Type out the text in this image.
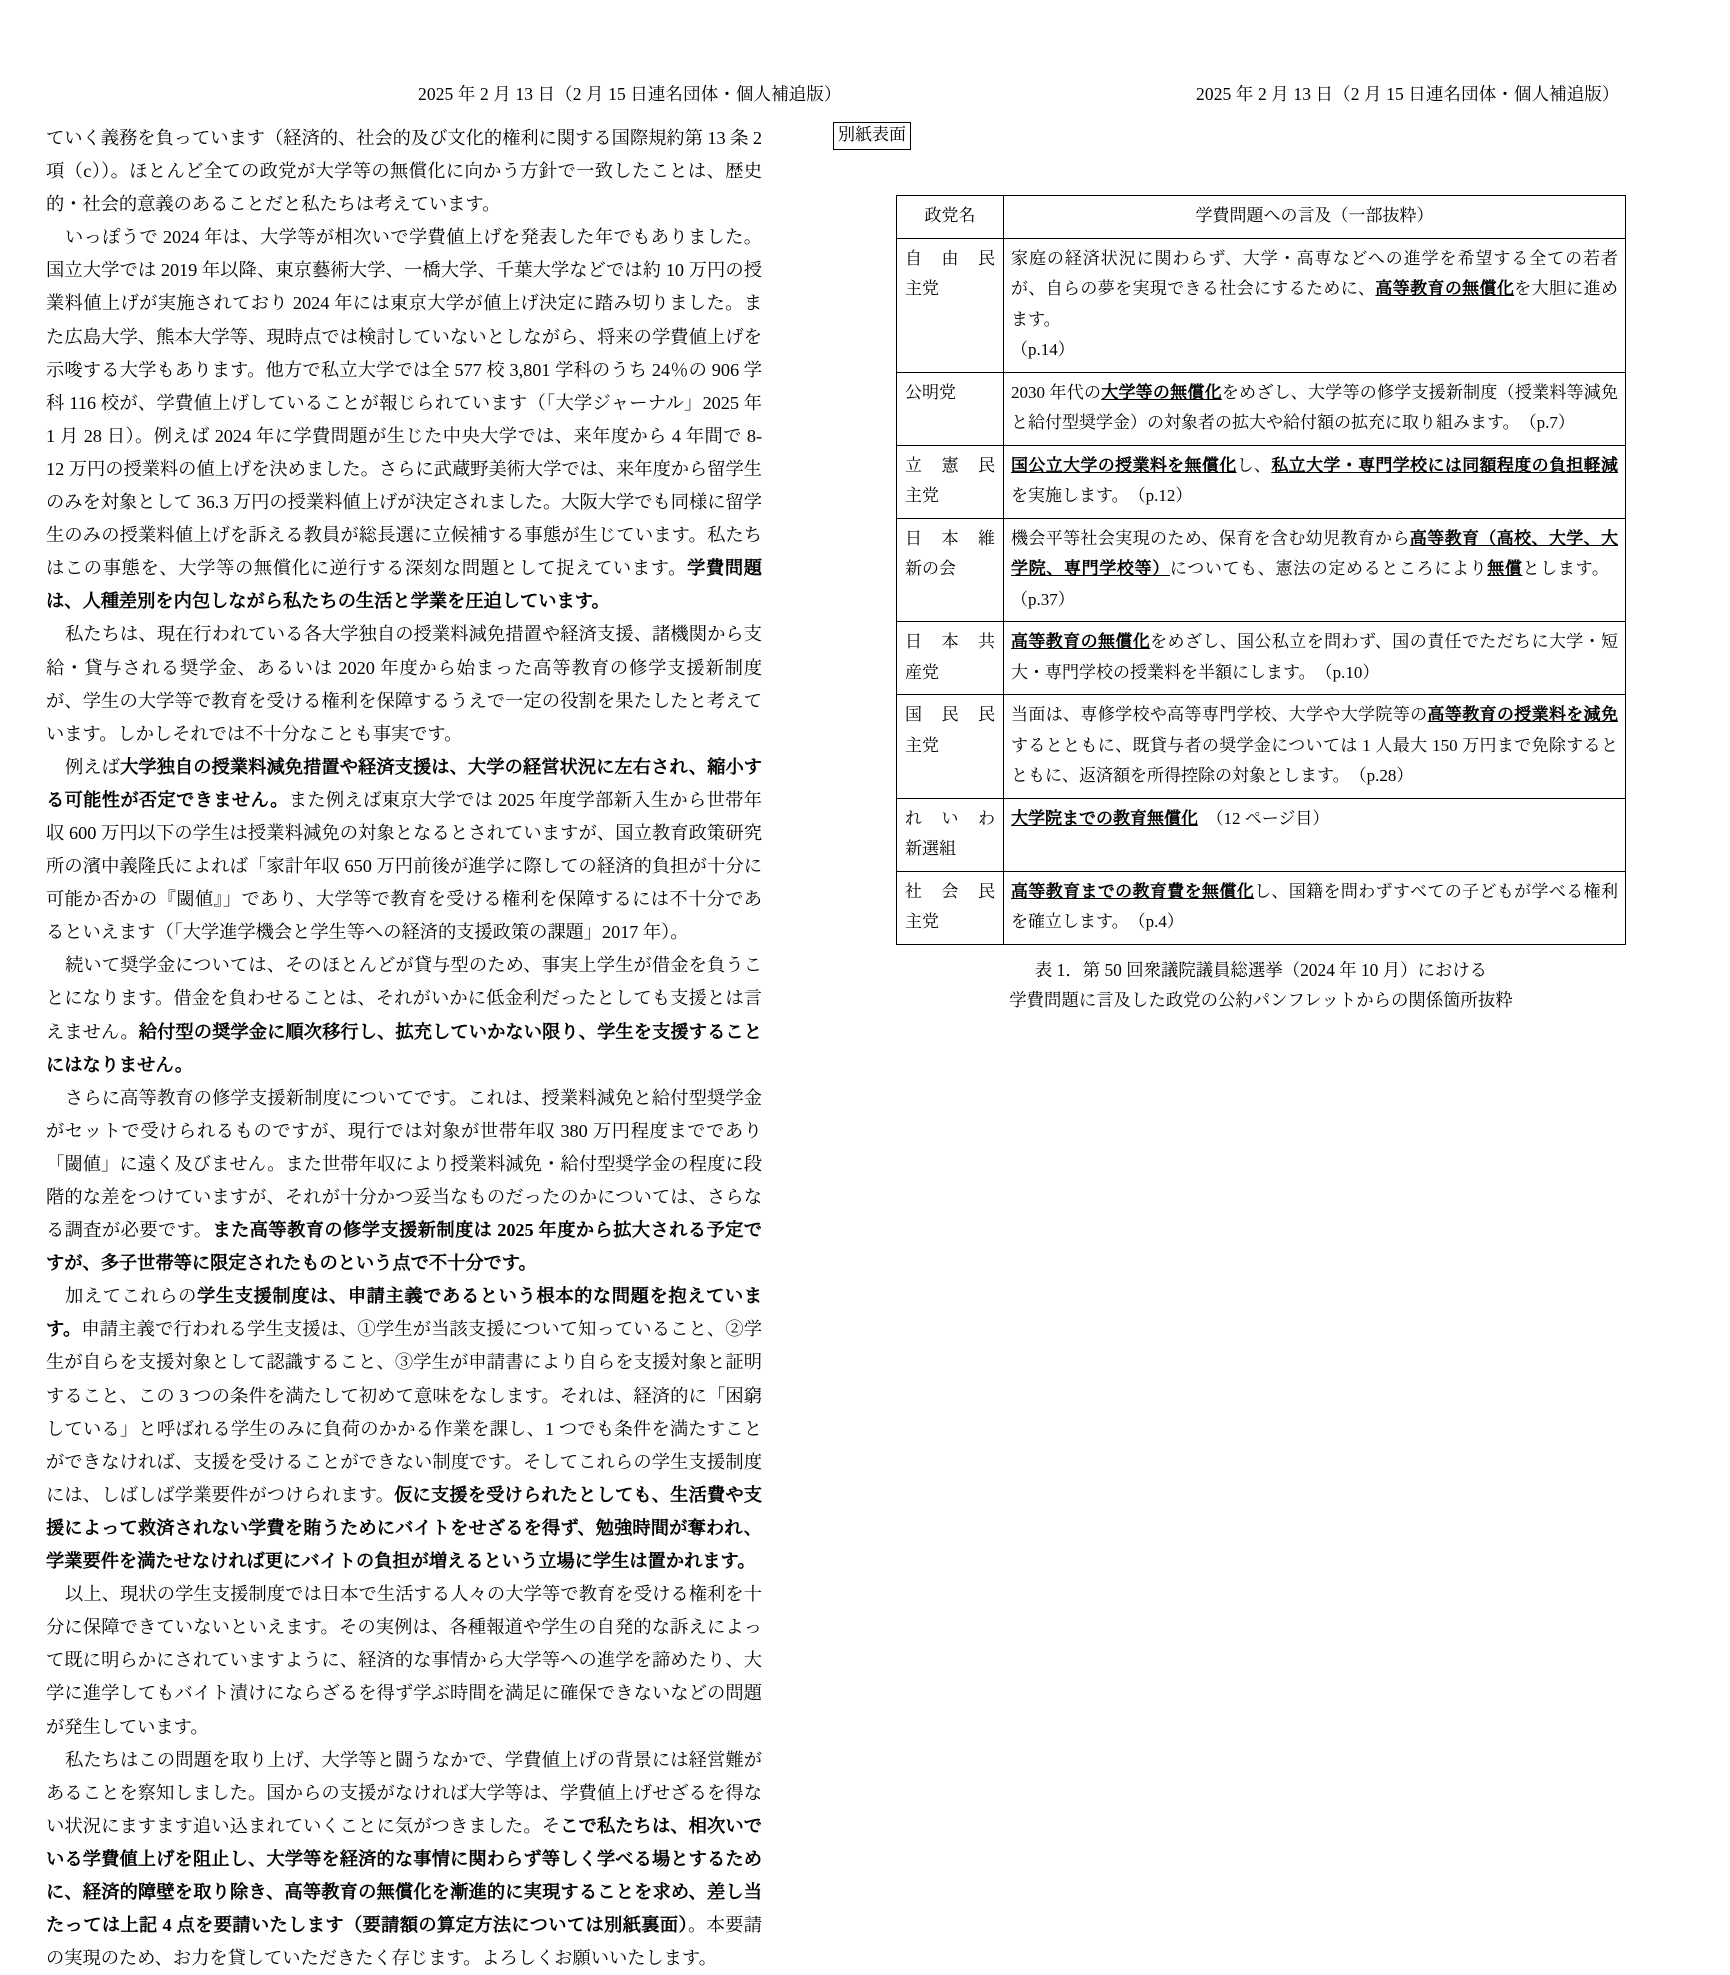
2025 年 2 月 13 日（2 月 15 日連名団体・個人補追版）	2025 年 2 月 13 日（2 月 15 日連名団体・個人補追版）

ていく義務を負っています（経済的、社会的及び文化的権利に関する国際規約第 13 条 2 項（c））。ほとんど全ての政党が大学等の無償化に向かう方針で一致したことは、歴史的・社会的意義のあることだと私たちは考えています。

いっぽうで 2024 年は、大学等が相次いで学費値上げを発表した年でもありました。国立大学では 2019 年以降、東京藝術大学、一橋大学、千葉大学などでは約 10 万円の授業料値上げが実施されており 2024 年には東京大学が値上げ決定に踏み切りました。また広島大学、熊本大学等、現時点では検討していないとしながら、将来の学費値上げを示唆する大学もあります。他方で私立大学では全 577 校 3,801 学科のうち 24％の 906 学科 116 校が、学費値上げしていることが報じられています（「大学ジャーナル」2025 年 1 月 28 日）。例えば 2024 年に学費問題が生じた中央大学では、来年度から 4 年間で 8-12 万円の授業料の値上げを決めました。さらに武蔵野美術大学では、来年度から留学生のみを対象として 36.3 万円の授業料値上げが決定されました。大阪大学でも同様に留学生のみの授業料値上げを訴える教員が総長選に立候補する事態が生じています。私たちはこの事態を、大学等の無償化に逆行する深刻な問題として捉えています。学費問題は、人種差別を内包しながら私たちの生活と学業を圧迫しています。

私たちは、現在行われている各大学独自の授業料減免措置や経済支援、諸機関から支給・貸与される奨学金、あるいは 2020 年度から始まった高等教育の修学支援新制度が、学生の大学等で教育を受ける権利を保障するうえで一定の役割を果たしたと考えています。しかしそれでは不十分なことも事実です。

例えば大学独自の授業料減免措置や経済支援は、大学の経営状況に左右され、縮小する可能性が否定できません。また例えば東京大学では 2025 年度学部新入生から世帯年収 600 万円以下の学生は授業料減免の対象となるとされていますが、国立教育政策研究所の濱中義隆氏によれば「家計年収 650 万円前後が進学に際しての経済的負担が十分に可能か否かの『閾値』」であり、大学等で教育を受ける権利を保障するには不十分であるといえます（「大学進学機会と学生等への経済的支援政策の課題」2017 年）。

続いて奨学金については、そのほとんどが貸与型のため、事実上学生が借金を負うことになります。借金を負わせることは、それがいかに低金利だったとしても支援とは言えません。給付型の奨学金に順次移行し、拡充していかない限り、学生を支援することにはなりません。

さらに高等教育の修学支援新制度についてです。これは、授業料減免と給付型奨学金がセットで受けられるものですが、現行では対象が世帯年収 380 万円程度までであり「閾値」に遠く及びません。また世帯年収により授業料減免・給付型奨学金の程度に段階的な差をつけていますが、それが十分かつ妥当なものだったのかについては、さらなる調査が必要です。また高等教育の修学支援新制度は 2025 年度から拡大される予定ですが、多子世帯等に限定されたものという点で不十分です。

加えてこれらの学生支援制度は、申請主義であるという根本的な問題を抱えています。申請主義で行われる学生支援は、①学生が当該支援について知っていること、②学生が自らを支援対象として認識すること、③学生が申請書により自らを支援対象と証明すること、この 3 つの条件を満たして初めて意味をなします。それは、経済的に「困窮している」と呼ばれる学生のみに負荷のかかる作業を課し、1 つでも条件を満たすことができなければ、支援を受けることができない制度です。そしてこれらの学生支援制度には、しばしば学業要件がつけられます。仮に支援を受けられたとしても、生活費や支援によって救済されない学費を賄うためにバイトをせざるを得ず、勉強時間が奪われ、学業要件を満たせなければ更にバイトの負担が増えるという立場に学生は置かれます。

以上、現状の学生支援制度では日本で生活する人々の大学等で教育を受ける権利を十分に保障できていないといえます。その実例は、各種報道や学生の自発的な訴えによって既に明らかにされていますように、経済的な事情から大学等への進学を諦めたり、大学に進学してもバイト漬けにならざるを得ず学ぶ時間を満足に確保できないなどの問題が発生しています。

私たちはこの問題を取り上げ、大学等と闘うなかで、学費値上げの背景には経営難があることを察知しました。国からの支援がなければ大学等は、学費値上げせざるを得ない状況にますます追い込まれていくことに気がつきました。そこで私たちは、相次いでいる学費値上げを阻止し、大学等を経済的な事情に関わらず等しく学べる場とするために、経済的障壁を取り除き、高等教育の無償化を漸進的に実現することを求め、差し当たっては上記 4 点を要請いたします（要請額の算定方法については別紙裏面）。本要請の実現のため、お力を貸していただきたく存じます。よろしくお願いいたします。

別紙表面
政党名	学費問題への言及（一部抜粋）

自由民
主党	家庭の経済状況に関わらず、大学・高専などへの進学を希望する全ての若者が、自らの夢を実現できる社会にするために、高等教育の無償化を大胆に進めます。
（p.14）

公明党	2030 年代の大学等の無償化をめざし、大学等の修学支援新制度（授業料等減免と給付型奨学金）の対象者の拡大や給付額の拡充に取り組みます。　（p.7）

立憲民
主党	国公立大学の授業料を無償化し、私立大学・専門学校には同額程度の負担軽減を実施します。　（p.12）

日本維
新の会	機会平等社会実現のため、保育を含む幼児教育から高等教育（高校、大学、大学院、専門学校等）についても、憲法の定めるところにより無償とします。　（p.37）

日本共
産党	高等教育の無償化をめざし、国公私立を問わず、国の責任でただちに大学・短大・専門学校の授業料を半額にします。　（p.10）

国民民
主党	当面は、専修学校や高等専門学校、大学や大学院等の高等教育の授業料を減免するとともに、既貸与者の奨学金については 1 人最大 150 万円まで免除するとともに、返済額を所得控除の対象とします。　（p.28）

れいわ
新選組	大学院までの教育無償化　（12 ページ目）

社会民
主党	高等教育までの教育費を無償化し、国籍を問わずすべての子どもが学べる権利を確立します。　（p.4）
表 1．第 50 回衆議院議員総選挙（2024 年 10 月）における
学費問題に言及した政党の公約パンフレットからの関係箇所抜粋
